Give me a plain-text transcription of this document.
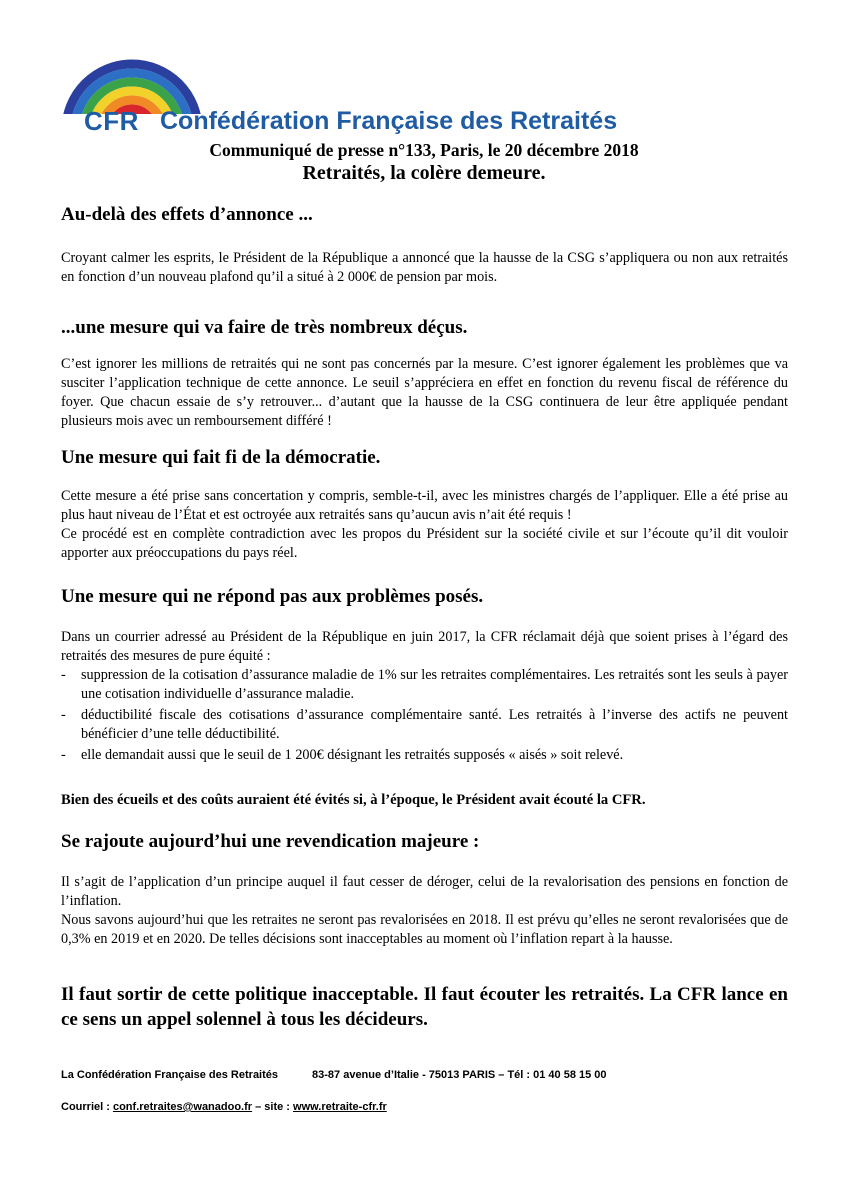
CFR Confédération Française des Retraités
Communiqué de presse n°133, Paris, le 20 décembre 2018
Retraités, la colère demeure.
Au-delà des effets d’annonce ...

Croyant calmer les esprits, le Président de la République a annoncé que la hausse de la CSG s’appliquera ou non aux retraités en fonction d’un nouveau plafond qu’il a situé à 2 000€ de pension par mois.

...une mesure qui va faire de très nombreux déçus.

C’est ignorer les millions de retraités qui ne sont pas concernés par la mesure. C’est ignorer également les problèmes que va susciter l’application technique de cette annonce. Le seuil s’appréciera en effet en fonction du revenu fiscal de référence du foyer. Que chacun essaie de s’y retrouver... d’autant que la hausse de la CSG continuera de leur être appliquée pendant plusieurs mois avec un remboursement différé !

Une mesure qui fait fi de la démocratie.

Cette mesure a été prise sans concertation y compris, semble-t-il, avec les ministres chargés de l’appliquer. Elle a été prise au plus haut niveau de l’État et est octroyée aux retraités sans qu’aucun avis n’ait été requis !

Ce procédé est en complète contradiction avec les propos du Président sur la société civile et sur l’écoute qu’il dit vouloir apporter aux préoccupations du pays réel.

Une mesure qui ne répond pas aux problèmes posés.

Dans un courrier adressé au Président de la République en juin 2017, la CFR réclamait déjà que soient prises à l’égard des retraités des mesures de pure équité :

- suppression de la cotisation d’assurance maladie de 1% sur les retraites complémentaires. Les retraités sont les seuls à payer une cotisation individuelle d’assurance maladie.
- déductibilité fiscale des cotisations d’assurance complémentaire santé. Les retraités à l’inverse des actifs ne peuvent bénéficier d’une telle déductibilité.
- elle demandait aussi que le seuil de 1 200€ désignant les retraités supposés « aisés » soit relevé.
Bien des écueils et des coûts auraient été évités si, à l’époque, le Président avait écouté la CFR.
Se rajoute aujourd’hui une revendication majeure :

Il s’agit de l’application d’un principe auquel il faut cesser de déroger, celui de la revalorisation des pensions en fonction de l’inflation.

Nous savons aujourd’hui que les retraites ne seront pas revalorisées en 2018. Il est prévu qu’elles ne seront revalorisées que de 0,3% en 2019 et en 2020. De telles décisions sont inacceptables au moment où l’inflation repart à la hausse.

Il faut sortir de cette politique inacceptable. Il faut écouter les retraités. La CFR lance en ce sens un appel solennel à tous les décideurs.
La Confédération Française des Retraités	83-87 avenue d’Italie - 75013 PARIS – Tél : 01 40 58 15 00
Courriel : conf.retraites@wanadoo.fr – site : www.retraite-cfr.fr
